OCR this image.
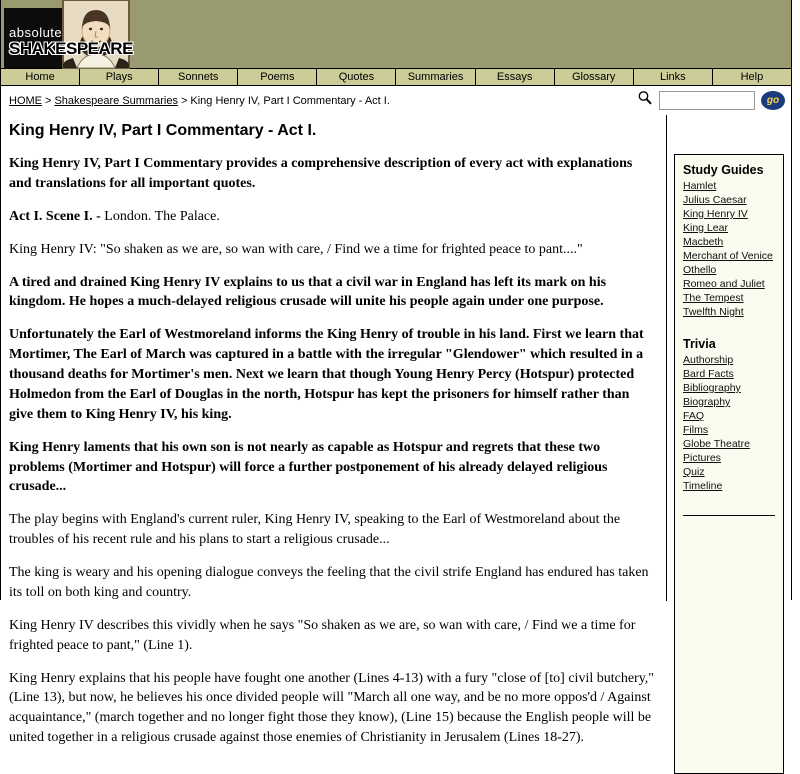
absolute
SHAKESPEARE
Home	Plays	Sonnets	Poems	Quotes	Summaries	Essays	Glossary	Links	Help
HOME > Shakespeare Summaries > King Henry IV, Part I Commentary - Act I.	go
King Henry IV, Part I Commentary - Act I.

King Henry IV, Part I Commentary provides a comprehensive description of every act with explanations and translations for all important quotes.

Act I. Scene I. - London. The Palace.

King Henry IV: "So shaken as we are, so wan with care, / Find we a time for frighted peace to pant...."

A tired and drained King Henry IV explains to us that a civil war in England has left its mark on his kingdom. He hopes a much-delayed religious crusade will unite his people again under one purpose.

Unfortunately the Earl of Westmoreland informs the King Henry of trouble in his land. First we learn that Mortimer, The Earl of March was captured in a battle with the irregular "Glendower" which resulted in a thousand deaths for Mortimer's men. Next we learn that though Young Henry Percy (Hotspur) protected Holmedon from the Earl of Douglas in the north, Hotspur has kept the prisoners for himself rather than give them to King Henry IV, his king.

King Henry laments that his own son is not nearly as capable as Hotspur and regrets that these two problems (Mortimer and Hotspur) will force a further postponement of his already delayed religious crusade...

The play begins with England's current ruler, King Henry IV, speaking to the Earl of Westmoreland about the troubles of his recent rule and his plans to start a religious crusade...

The king is weary and his opening dialogue conveys the feeling that the civil strife England has endured has taken its toll on both king and country.

King Henry IV describes this vividly when he says "So shaken as we are, so wan with care, / Find we a time for frighted peace to pant," (Line 1).

King Henry explains that his people have fought one another (Lines 4-13) with a fury "close of [to] civil butchery," (Line 13), but now, he believes his once divided people will "March all one way, and be no more oppos'd / Against acquaintance," (march together and no longer fight those they know), (Line 15) because the English people will be united together in a religious crusade against those enemies of Christianity in Jerusalem (Lines 18-27).

Study Guides
Hamlet
Julius Caesar
King Henry IV
King Lear
Macbeth
Merchant of Venice
Othello
Romeo and Juliet
The Tempest
Twelfth Night
Trivia
Authorship
Bard Facts
Bibliography
Biography
FAQ
Films
Globe Theatre
Pictures
Quiz
Timeline
